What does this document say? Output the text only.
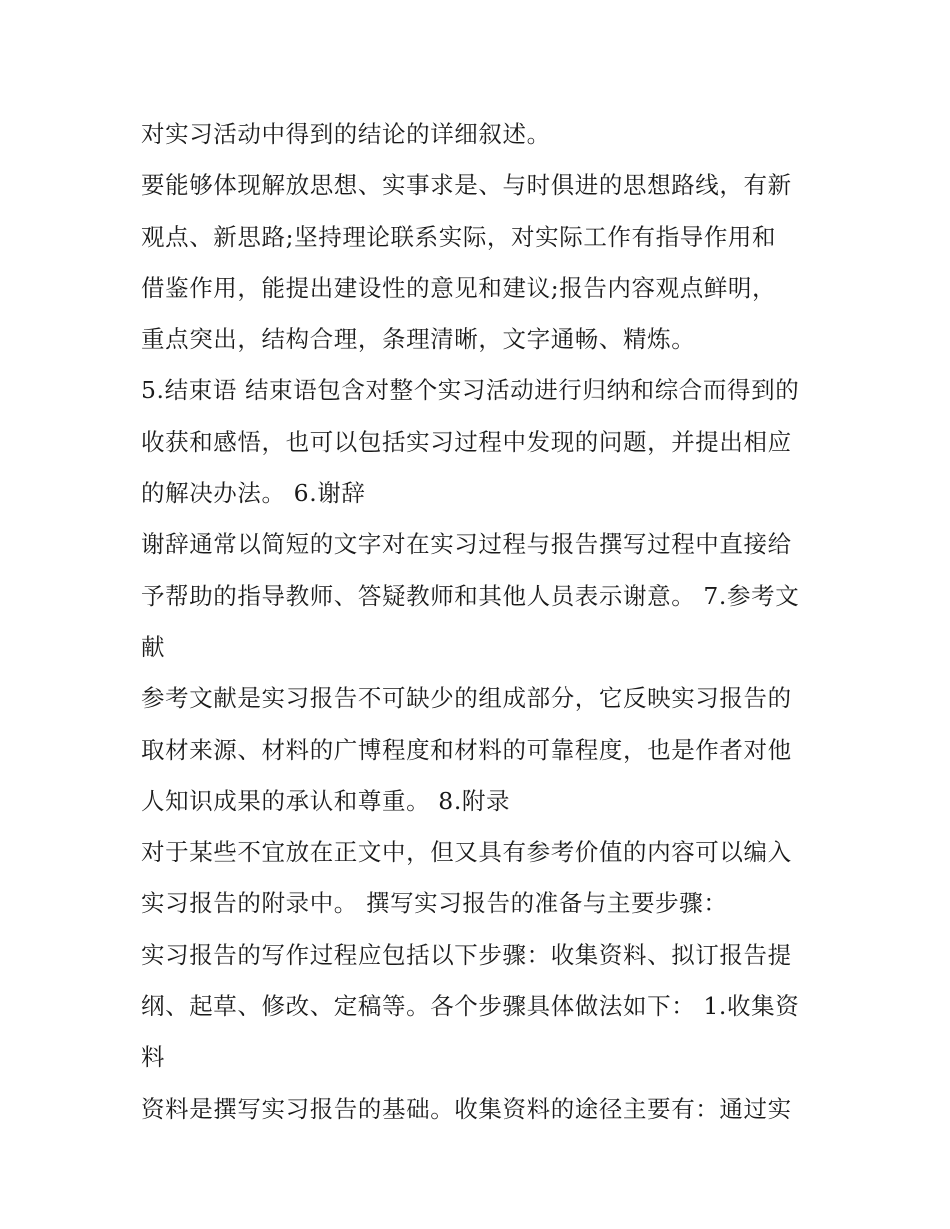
对实习活动中得到的结论的详细叙述。

要能够体现解放思想、实事求是、与时俱进的思想路线，有新

观点、新思路;坚持理论联系实际，对实际工作有指导作用和

借鉴作用，能提出建设性的意见和建议;报告内容观点鲜明，

重点突出，结构合理，条理清晰，文字通畅、精炼。

5.结束语 结束语包含对整个实习活动进行归纳和综合而得到的

收获和感悟，也可以包括实习过程中发现的问题，并提出相应

的解决办法。 6.谢辞

谢辞通常以简短的文字对在实习过程与报告撰写过程中直接给

予帮助的指导教师、答疑教师和其他人员表示谢意。 7.参考文

献

参考文献是实习报告不可缺少的组成部分，它反映实习报告的

取材来源、材料的广博程度和材料的可靠程度，也是作者对他

人知识成果的承认和尊重。 8.附录

对于某些不宜放在正文中，但又具有参考价值的内容可以编入

实习报告的附录中。 撰写实习报告的准备与主要步骤：

实习报告的写作过程应包括以下步骤：收集资料、拟订报告提

纲、起草、修改、定稿等。各个步骤具体做法如下： 1.收集资

料

资料是撰写实习报告的基础。收集资料的途径主要有：通过实
